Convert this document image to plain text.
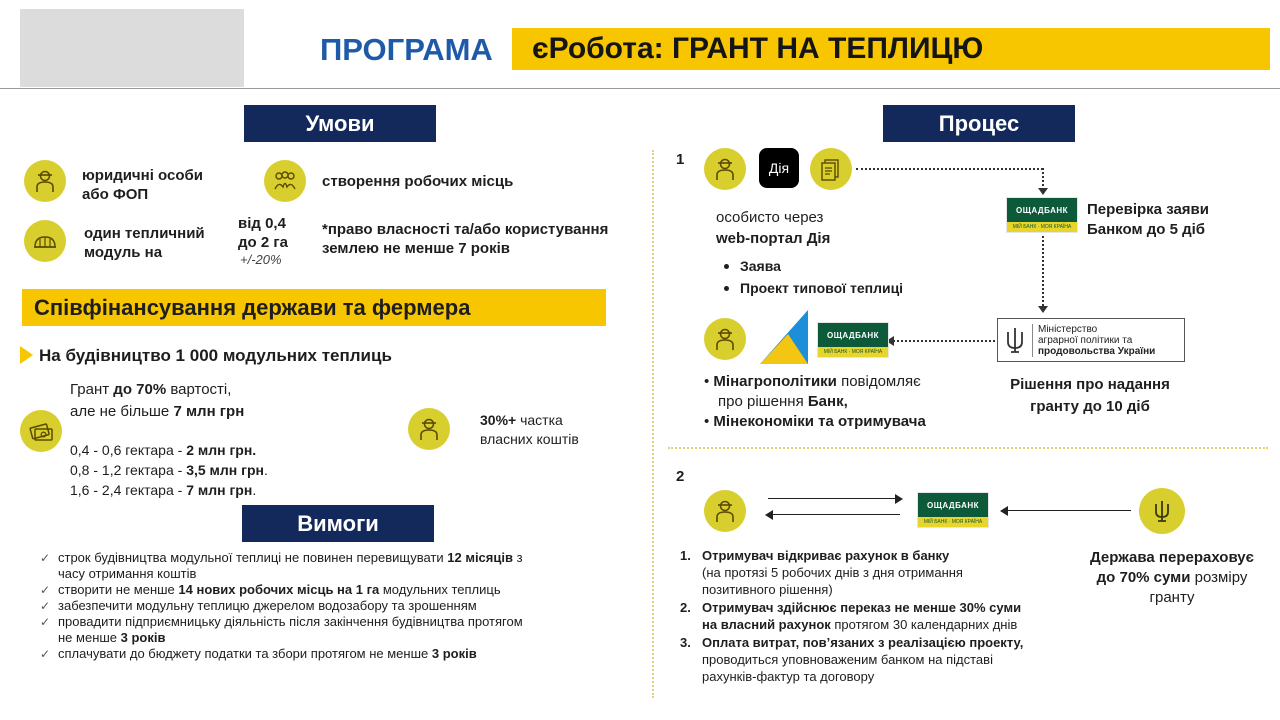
ПРОГРАМА	єРобота: ГРАНТ НА ТЕПЛИЦЮ
Умови
юридичні особи
або ФОП
створення робочих місць
один тепличний
модуль на
від 0,4
до 2 га
+/-20%
*право власності та/або користування
землею не менше 7 років
Співфінансування держави та фермера
На будівництво 1 000 модульних теплиць
Грант до 70% вартості,
але не більше 7 млн грн
0,4 - 0,6 гектара - 2 млн грн.
0,8 - 1,2 гектара - 3,5 млн грн.
1,6 - 2,4 гектара - 7 млн грн.
30%+ частка
власних коштів
Вимоги
✓ строк будівництва модульної теплиці не повинен перевищувати 12 місяців з
часу отримання коштів
✓ створити не менше 14 нових робочих місць на 1 га модульних теплиць
✓ забезпечити модульну теплицю джерелом водозабору та зрошенням
✓ провадити підприємницьку діяльність після закінчення будівництва протягом
не менше 3 років
✓ сплачувати до бюджету податки та збори протягом не менше 3 років
Процес
1	Дія
особисто через
web-портал Дія
Заява
Проект типової теплиці
ОЩАДБАНК
МІЙ БАНК · МОЯ КРАЇНА
Перевірка заяви
Банком до 5 діб
Міністерство
аграрної політики та
продовольства України
Рішення про надання
гранту до 10 діб
ОЩАДБАНК
МІЙ БАНК · МОЯ КРАЇНА
• Мінагрополітики повідомляє
про рішення Банк,
• Мінекономіки та отримувача
2
ОЩАДБАНК
МІЙ БАНК · МОЯ КРАЇНА
Держава перераховує
до 70% суми розміру
гранту
1. Отримувач відкриває рахунок в банку
(на протязі 5 робочих днів з дня отримання
позитивного рішення)
2. Отримувач здійснює переказ не менше 30% суми
на власний рахунок протягом 30 календарних днів
3. Оплата витрат, пов’язаних з реалізацією проекту,
проводиться уповноваженим банком на підставі
рахунків-фактур та договору
